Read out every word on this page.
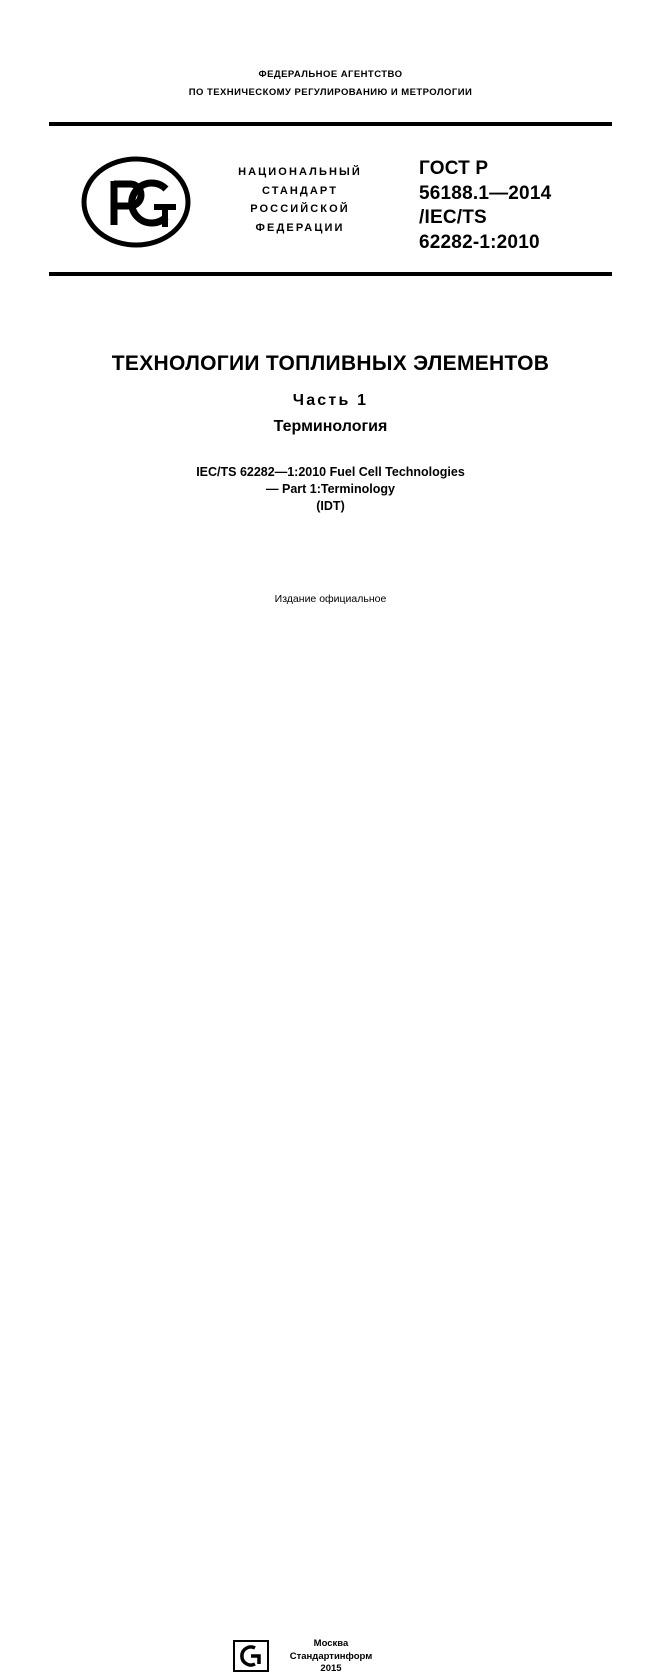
ФЕДЕРАЛЬНОЕ АГЕНТСТВО
ПО ТЕХНИЧЕСКОМУ РЕГУЛИРОВАНИЮ И МЕТРОЛОГИИ
НАЦИОНАЛЬНЫЙ
СТАНДАРТ
РОССИЙСКОЙ
ФЕДЕРАЦИИ
ГОСТ Р
56188.1—2014
/IEC/TS
62282-1:2010
ТЕХНОЛОГИИ ТОПЛИВНЫХ ЭЛЕМЕНТОВ
Часть 1
Терминология
IEC/TS 62282—1:2010 Fuel Cell Technologies
— Part 1:Terminology
(IDT)
Издание официальное
Москва
Стандартинформ
2015
